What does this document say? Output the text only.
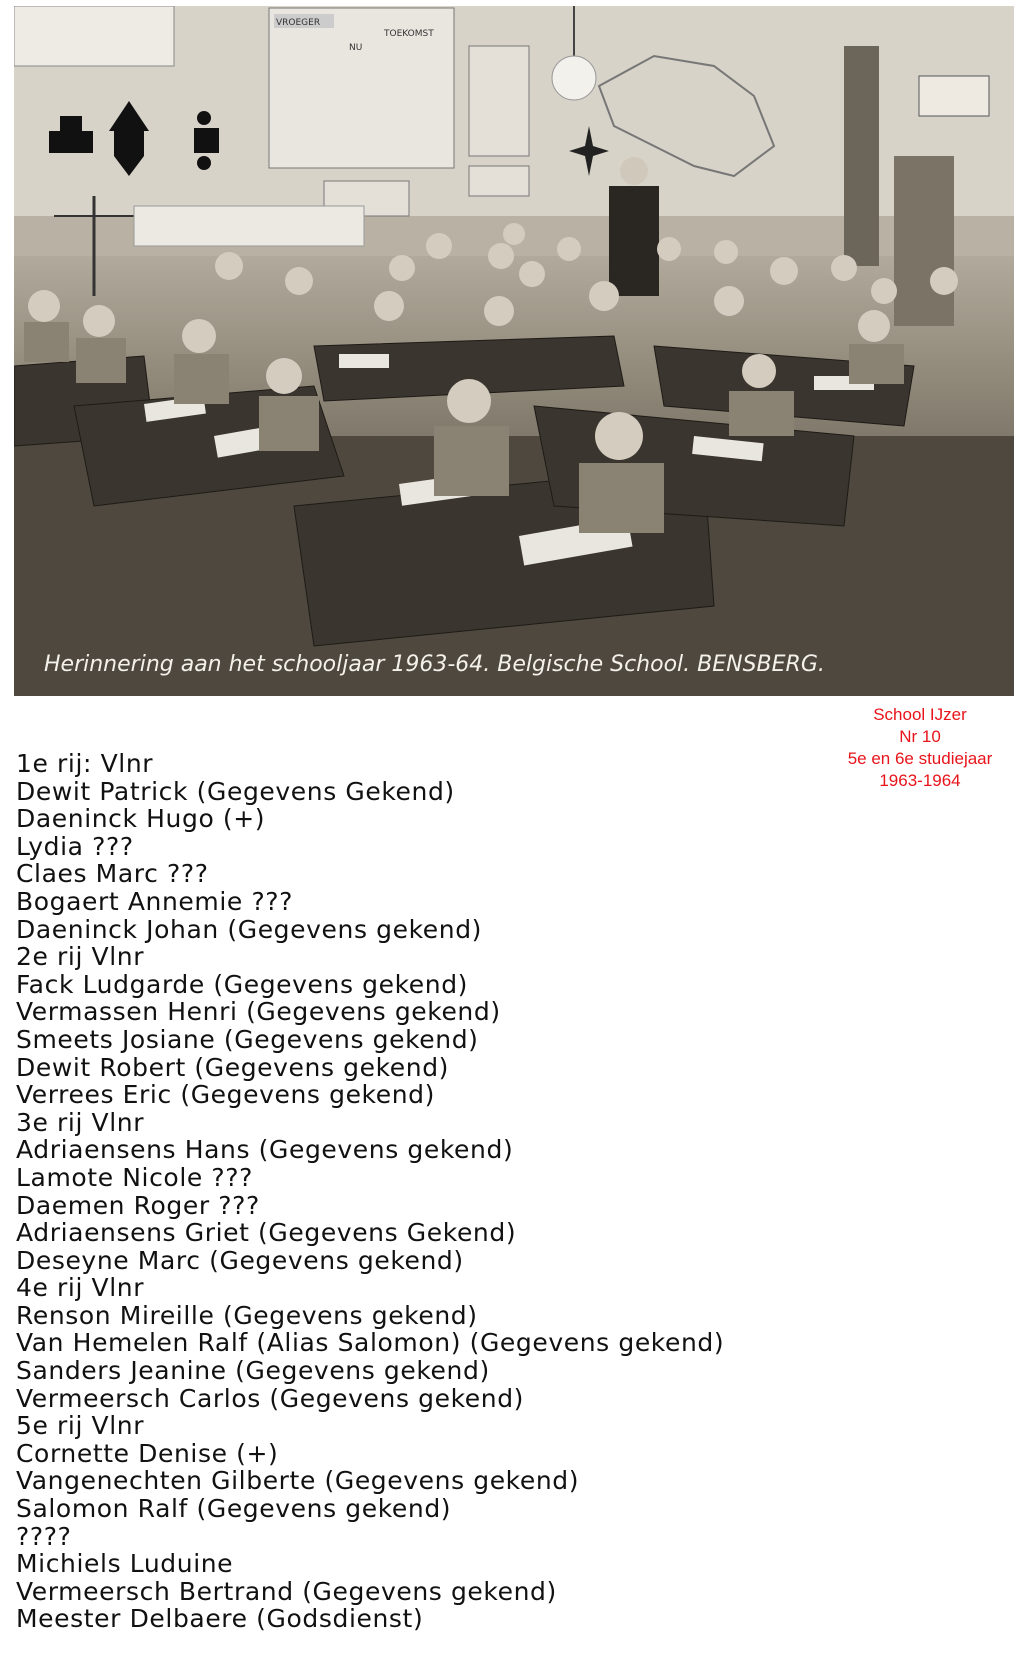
VROEGER
NU
TOEKOMST
Herinnering aan het schooljaar 1963-64. Belgische School. BENSBERG.
School IJzer
Nr 10
5e en 6e studiejaar
1963-1964
1e rij: Vlnr
Dewit Patrick (Gegevens Gekend)
Daeninck Hugo (+)
Lydia ???
Claes Marc ???
Bogaert Annemie ???
Daeninck Johan (Gegevens gekend)
2e rij Vlnr
Fack Ludgarde (Gegevens gekend)
Vermassen Henri (Gegevens gekend)
Smeets Josiane (Gegevens gekend)
Dewit Robert (Gegevens gekend)
Verrees Eric (Gegevens gekend)
3e rij Vlnr
Adriaensens Hans (Gegevens gekend)
Lamote Nicole ???
Daemen Roger ???
Adriaensens Griet (Gegevens Gekend)
Deseyne Marc (Gegevens gekend)
4e rij Vlnr
Renson Mireille (Gegevens gekend)
Van Hemelen Ralf (Alias Salomon) (Gegevens gekend)
Sanders Jeanine (Gegevens gekend)
Vermeersch Carlos (Gegevens gekend)
5e rij Vlnr
Cornette Denise (+)
Vangenechten Gilberte (Gegevens gekend)
Salomon Ralf (Gegevens gekend)
????
Michiels Luduine
Vermeersch Bertrand (Gegevens gekend)
Meester Delbaere (Godsdienst)
